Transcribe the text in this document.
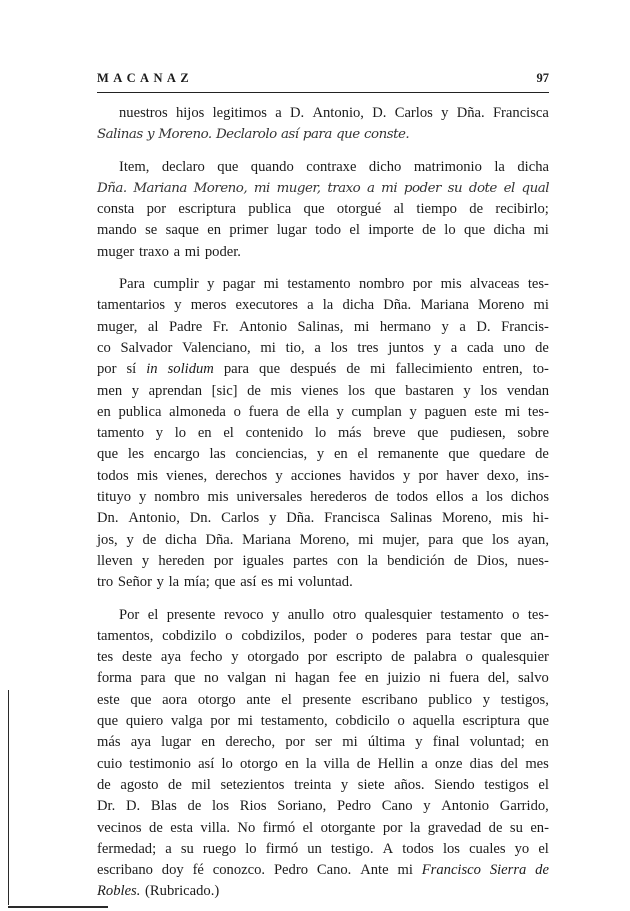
MACANAZ	97
nuestros hijos legitimos a D. Antonio, D. Carlos y Dña. Francisca
Salinas y Moreno. Declarolo así para que conste.
Item, declaro que quando contraxe dicho matrimonio la dicha
Dña. Mariana Moreno, mi muger, traxo a mi poder su dote el qual
consta por escriptura publica que otorgué al tiempo de recibirlo;
mando se saque en primer lugar todo el importe de lo que dicha mi
muger traxo a mi poder.
Para cumplir y pagar mi testamento nombro por mis alvaceas tes-
tamentarios y meros executores a la dicha Dña. Mariana Moreno mi
muger, al Padre Fr. Antonio Salinas, mi hermano y a D. Francis-
co Salvador Valenciano, mi tio, a los tres juntos y a cada uno de
por sí in solidum para que después de mi fallecimiento entren, to-
men y aprendan [sic] de mis vienes los que bastaren y los vendan
en publica almoneda o fuera de ella y cumplan y paguen este mi tes-
tamento y lo en el contenido lo más breve que pudiesen, sobre
que les encargo las conciencias, y en el remanente que quedare de
todos mis vienes, derechos y acciones havidos y por haver dexo, ins-
tituyo y nombro mis universales herederos de todos ellos a los dichos
Dn. Antonio, Dn. Carlos y Dña. Francisca Salinas Moreno, mis hi-
jos, y de dicha Dña. Mariana Moreno, mi mujer, para que los ayan,
lleven y hereden por iguales partes con la bendición de Dios, nues-
tro Señor y la mía; que así es mi voluntad.
Por el presente revoco y anullo otro qualesquier testamento o tes-
tamentos, cobdizilo o cobdizilos, poder o poderes para testar que an-
tes deste aya fecho y otorgado por escripto de palabra o qualesquier
forma para que no valgan ni hagan fee en juizio ni fuera del, salvo
este que aora otorgo ante el presente escribano publico y testigos,
que quiero valga por mi testamento, cobdicilo o aquella escriptura que
más aya lugar en derecho, por ser mi última y final voluntad; en
cuio testimonio así lo otorgo en la villa de Hellin a onze dias del mes
de agosto de mil setezientos treinta y siete años. Siendo testigos el
Dr. D. Blas de los Rios Soriano, Pedro Cano y Antonio Garrido,
vecinos de esta villa. No firmó el otorgante por la gravedad de su en-
fermedad; a su ruego lo firmó un testigo. A todos los cuales yo el
escribano doy fé conozco. Pedro Cano. Ante mi Francisco Sierra de
Robles. (Rubricado.)
